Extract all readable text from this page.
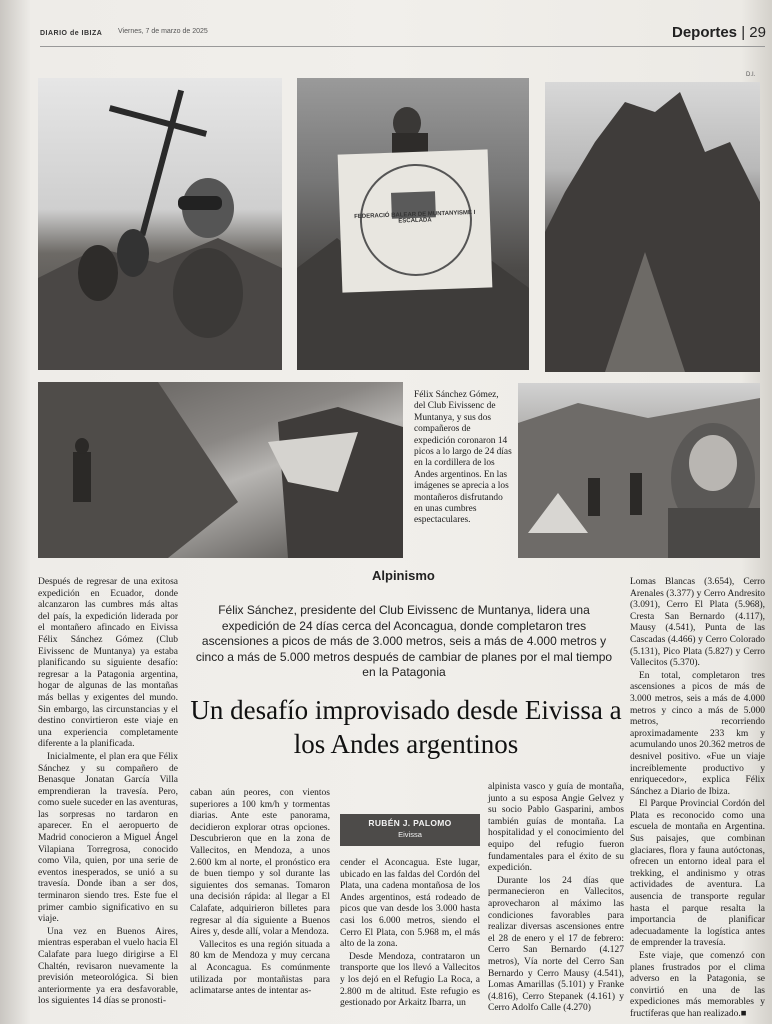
DIARIO de IBIZA Viernes, 7 de marzo de 2025	Deportes | 29
D.I.
FEDERACIÓ BALEAR DE MUNTANYISME I ESCALADA
Félix Sánchez Gómez, del Club Eivissenc de Muntanya, y sus dos compañeros de expedición coronaron 14 picos a lo largo de 24 días en la cordillera de los Andes argentinos. En las imágenes se aprecia a los montañeros disfrutando en unas cumbres espectaculares.
Alpinismo
Félix Sánchez, presidente del Club Eivissenc de Muntanya, lidera una expedición de 24 días cerca del Aconcagua, donde completaron tres ascensiones a picos de más de 3.000 metros, seis a más de 4.000 metros y cinco a más de 5.000 metros después de cambiar de planes por el mal tiempo en la Patagonia
Un desafío improvisado desde Eivissa a los Andes argentinos

Después de regresar de una exitosa expedición en Ecuador, donde alcanzaron las cumbres más altas del país, la expedición liderada por el montañero afincado en Eivissa Félix Sánchez Gómez (Club Eivissenc de Muntanya) ya estaba planificando su siguiente desafío: regresar a la Patagonia argentina, hogar de algunas de las montañas más bellas y exigentes del mundo. Sin embargo, las circunstancias y el destino convirtieron este viaje en una experiencia completamente diferente a la planificada.

Inicialmente, el plan era que Félix Sánchez y su compañero de Benasque Jonatan García Villa emprendieran la travesía. Pero, como suele suceder en las aventuras, las sorpresas no tardaron en aparecer. En el aeropuerto de Madrid conocieron a Miguel Ángel Vilapiana Torregrosa, conocido como Vila, quien, por una serie de eventos inesperados, se unió a su travesía. Donde iban a ser dos, terminaron siendo tres. Este fue el primer cambio significativo en su viaje.

Una vez en Buenos Aires, mientras esperaban el vuelo hacia El Calafate para luego dirigirse a El Chaltén, revisaron nuevamente la previsión meteorológica. Si bien anteriormente ya era desfavorable, los siguientes 14 días se pronosti-

RUBÉN J. PALOMO
Eivissa

caban aún peores, con vientos superiores a 100 km/h y tormentas diarias. Ante este panorama, decidieron explorar otras opciones. Descubrieron que en la zona de Vallecitos, en Mendoza, a unos 2.600 km al norte, el pronóstico era de buen tiempo y sol durante las siguientes dos semanas. Tomaron una decisión rápida: al llegar a El Calafate, adquirieron billetes para regresar al día siguiente a Buenos Aires y, desde allí, volar a Mendoza.

Vallecitos es una región situada a 80 km de Mendoza y muy cercana al Aconcagua. Es comúnmente utilizada por montañistas para aclimatarse antes de intentar as-

cender el Aconcagua. Este lugar, ubicado en las faldas del Cordón del Plata, una cadena montañosa de los Andes argentinos, está rodeado de picos que van desde los 3.000 hasta casi los 6.000 metros, siendo el Cerro El Plata, con 5.968 m, el más alto de la zona.

Desde Mendoza, contrataron un transporte que los llevó a Vallecitos y los dejó en el Refugio La Roca, a 2.800 m de altitud. Este refugio es gestionado por Arkaitz Ibarra, un

alpinista vasco y guía de montaña, junto a su esposa Angie Gelvez y su socio Pablo Gasparini, ambos también guías de montaña. La hospitalidad y el conocimiento del equipo del refugio fueron fundamentales para el éxito de su expedición.

Durante los 24 días que permanecieron en Vallecitos, aprovecharon al máximo las condiciones favorables para realizar diversas ascensiones entre el 28 de enero y el 17 de febrero: Cerro San Bernardo (4.127 metros), Vía norte del Cerro San Bernardo y Cerro Mausy (4.541), Lomas Amarillas (5.101) y Franke (4.816), Cerro Stepanek (4.161) y Cerro Adolfo Calle (4.270)

Lomas Blancas (3.654), Cerro Arenales (3.377) y Cerro Andresito (3.091), Cerro El Plata (5.968), Cresta San Bernardo (4.117), Mausy (4.541), Punta de las Cascadas (4.466) y Cerro Colorado (5.131), Pico Plata (5.827) y Cerro Vallecitos (5.370).

En total, completaron tres ascensiones a picos de más de 3.000 metros, seis a más de 4.000 metros y cinco a más de 5.000 metros, recorriendo aproximadamente 233 km y acumulando unos 20.362 metros de desnivel positivo. «Fue un viaje increíblemente productivo y enriquecedor», explica Félix Sánchez a Diario de Ibiza.

El Parque Provincial Cordón del Plata es reconocido como una escuela de montaña en Argentina. Sus paisajes, que combinan glaciares, flora y fauna autóctonas, ofrecen un entorno ideal para el trekking, el andinismo y otras actividades de aventura. La ausencia de transporte regular hasta el parque resalta la importancia de planificar adecuadamente la logística antes de emprender la travesía.

Este viaje, que comenzó con planes frustrados por el clima adverso en la Patagonia, se convirtió en una de las expediciones más memorables y fructíferas que han realizado.■
